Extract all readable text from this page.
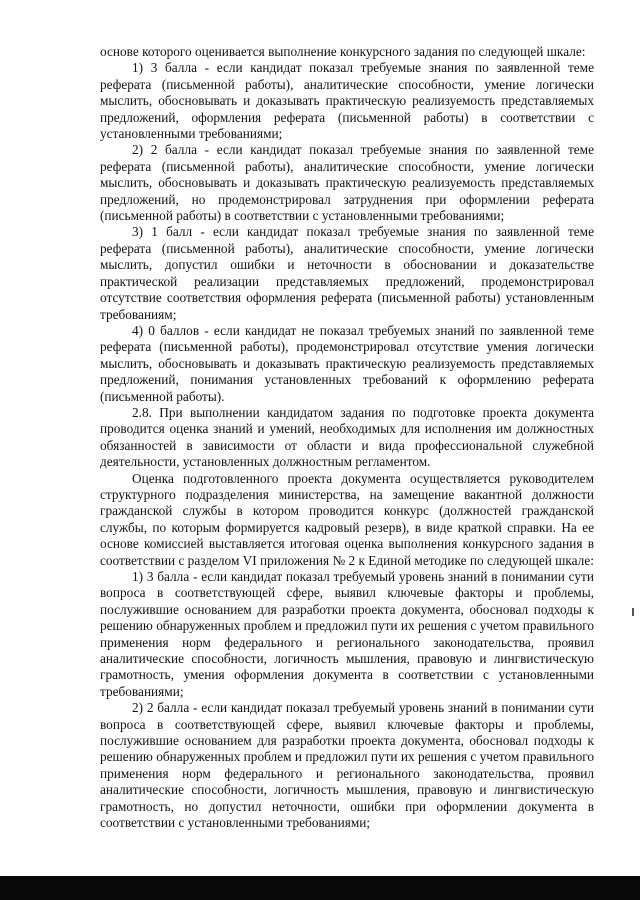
основе которого оценивается выполнение конкурсного задания по следующей шкале:

1) 3 балла - если кандидат показал требуемые знания по заявленной теме реферата (письменной работы), аналитические способности, умение логически мыслить, обосновывать и доказывать практическую реализуемость представляемых предложений, оформления реферата (письменной работы) в соответствии с установленными требованиями;

2) 2 балла - если кандидат показал требуемые знания по заявленной теме реферата (письменной работы), аналитические способности, умение логически мыслить, обосновывать и доказывать практическую реализуемость представляемых предложений, но продемонстрировал затруднения при оформлении реферата (письменной работы) в соответствии с установленными требованиями;

3) 1 балл - если кандидат показал требуемые знания по заявленной теме реферата (письменной работы), аналитические способности, умение логически мыслить, допустил ошибки и неточности в обосновании и доказательстве практической реализации представляемых предложений, продемонстрировал отсутствие соответствия оформления реферата (письменной работы) установленным требованиям;

4) 0 баллов - если кандидат не показал требуемых знаний по заявленной теме реферата (письменной работы), продемонстрировал отсутствие умения логически мыслить, обосновывать и доказывать практическую реализуемость представляемых предложений, понимания установленных требований к оформлению реферата (письменной работы).

2.8. При выполнении кандидатом задания по подготовке проекта документа проводится оценка знаний и умений, необходимых для исполнения им должностных обязанностей в зависимости от области и вида профессиональной служебной деятельности, установленных должностным регламентом.

Оценка подготовленного проекта документа осуществляется руководителем структурного подразделения министерства, на замещение вакантной должности гражданской службы в котором проводится конкурс (должностей гражданской службы, по которым формируется кадровый резерв), в виде краткой справки. На ее основе комиссией выставляется итоговая оценка выполнения конкурсного задания в соответствии с разделом VI приложения № 2 к Единой методике по следующей шкале:

1) 3 балла - если кандидат показал требуемый уровень знаний в понимании сути вопроса в соответствующей сфере, выявил ключевые факторы и проблемы, послужившие основанием для разработки проекта документа, обосновал подходы к решению обнаруженных проблем и предложил пути их решения с учетом правильного применения норм федерального и регионального законодательства, проявил аналитические способности, логичность мышления, правовую и лингвистическую грамотность, умения оформления документа в соответствии с установленными требованиями;

2) 2 балла - если кандидат показал требуемый уровень знаний в понимании сути вопроса в соответствующей сфере, выявил ключевые факторы и проблемы, послужившие основанием для разработки проекта документа, обосновал подходы к решению обнаруженных проблем и предложил пути их решения с учетом правильного применения норм федерального и регионального законодательства, проявил аналитические способности, логичность мышления, правовую и лингвистическую грамотность, но допустил неточности, ошибки при оформлении документа в соответствии с установленными требованиями;
